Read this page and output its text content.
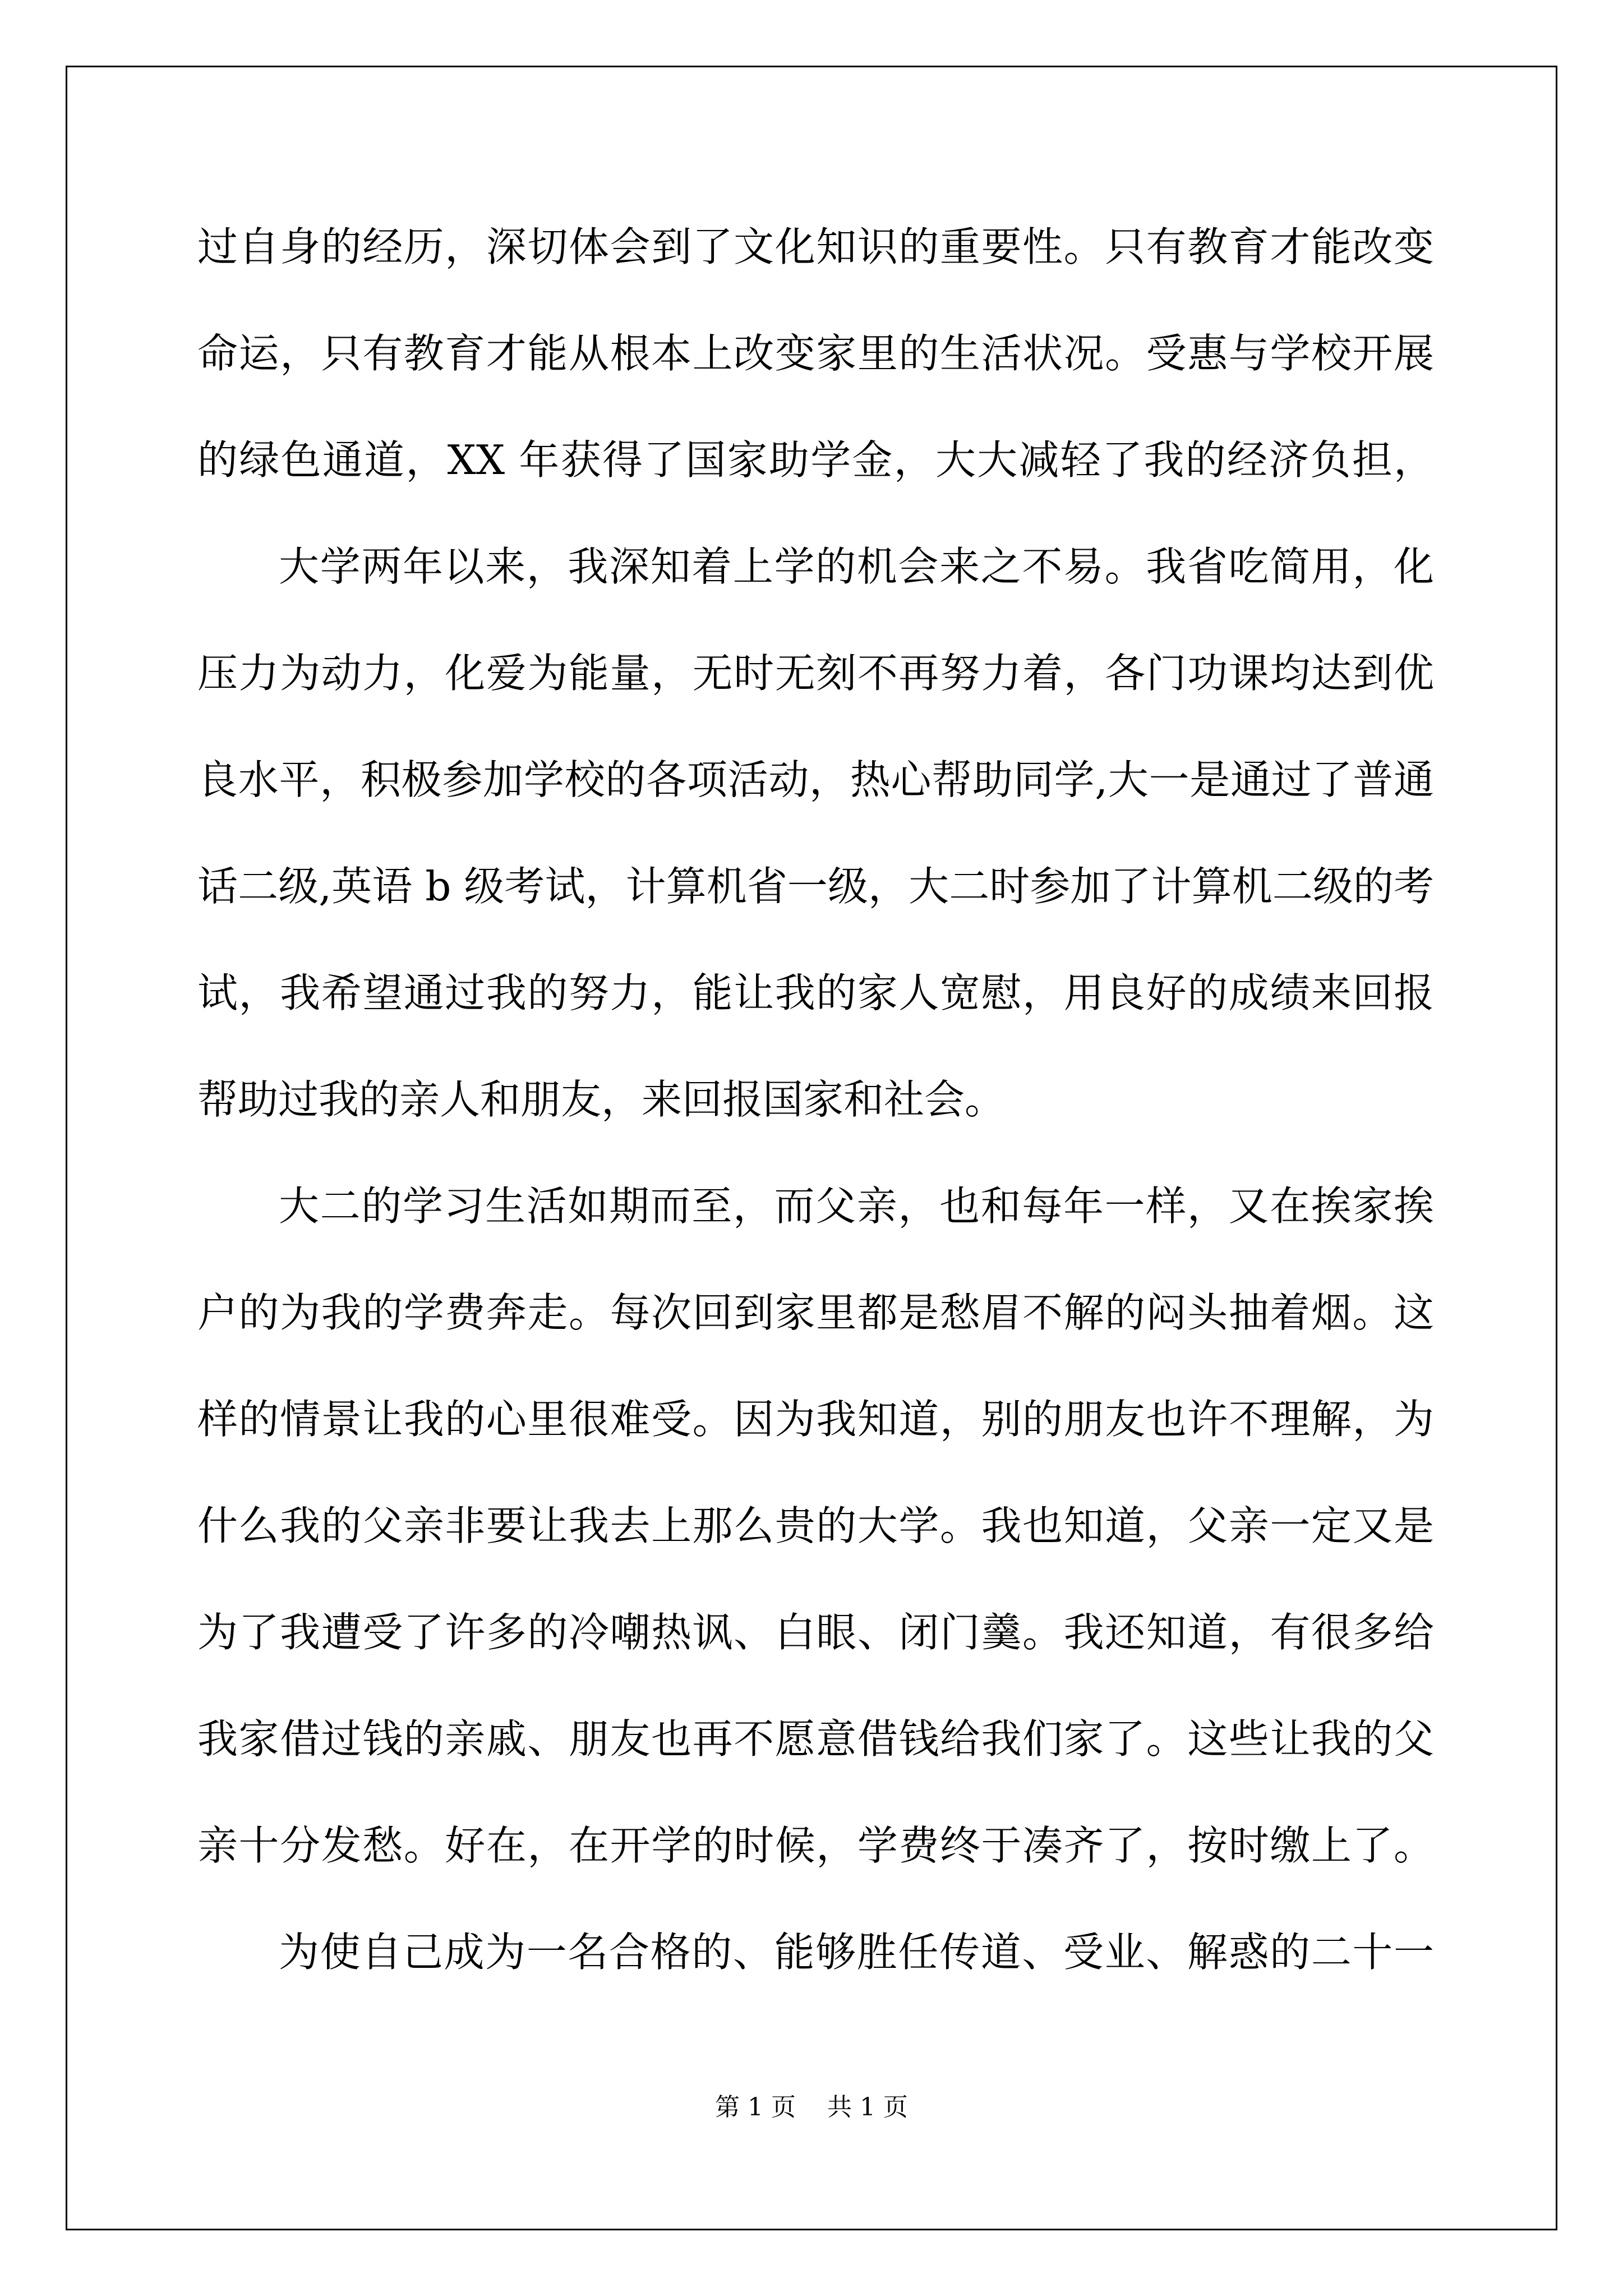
过自身的经历，深切体会到了文化知识的重要性。只有教育才能改变
命运，只有教育才能从根本上改变家里的生活状况。受惠与学校开展
的绿色通道，XX 年获得了国家助学金，大大减轻了我的经济负担，
大学两年以来，我深知着上学的机会来之不易。我省吃简用，化
压力为动力，化爱为能量，无时无刻不再努力着，各门功课均达到优
良水平，积极参加学校的各项活动，热心帮助同学,大一是通过了普通
话二级,英语 b 级考试，计算机省一级，大二时参加了计算机二级的考
试，我希望通过我的努力，能让我的家人宽慰，用良好的成绩来回报
帮助过我的亲人和朋友，来回报国家和社会。
大二的学习生活如期而至，而父亲，也和每年一样，又在挨家挨
户的为我的学费奔走。每次回到家里都是愁眉不解的闷头抽着烟。这
样的情景让我的心里很难受。因为我知道，别的朋友也许不理解，为
什么我的父亲非要让我去上那么贵的大学。我也知道，父亲一定又是
为了我遭受了许多的冷嘲热讽、白眼、闭门羹。我还知道，有很多给
我家借过钱的亲戚、朋友也再不愿意借钱给我们家了。这些让我的父
亲十分发愁。好在，在开学的时候，学费终于凑齐了，按时缴上了。
为使自己成为一名合格的、能够胜任传道、受业、解惑的二十一
第 1 页    共 1 页
